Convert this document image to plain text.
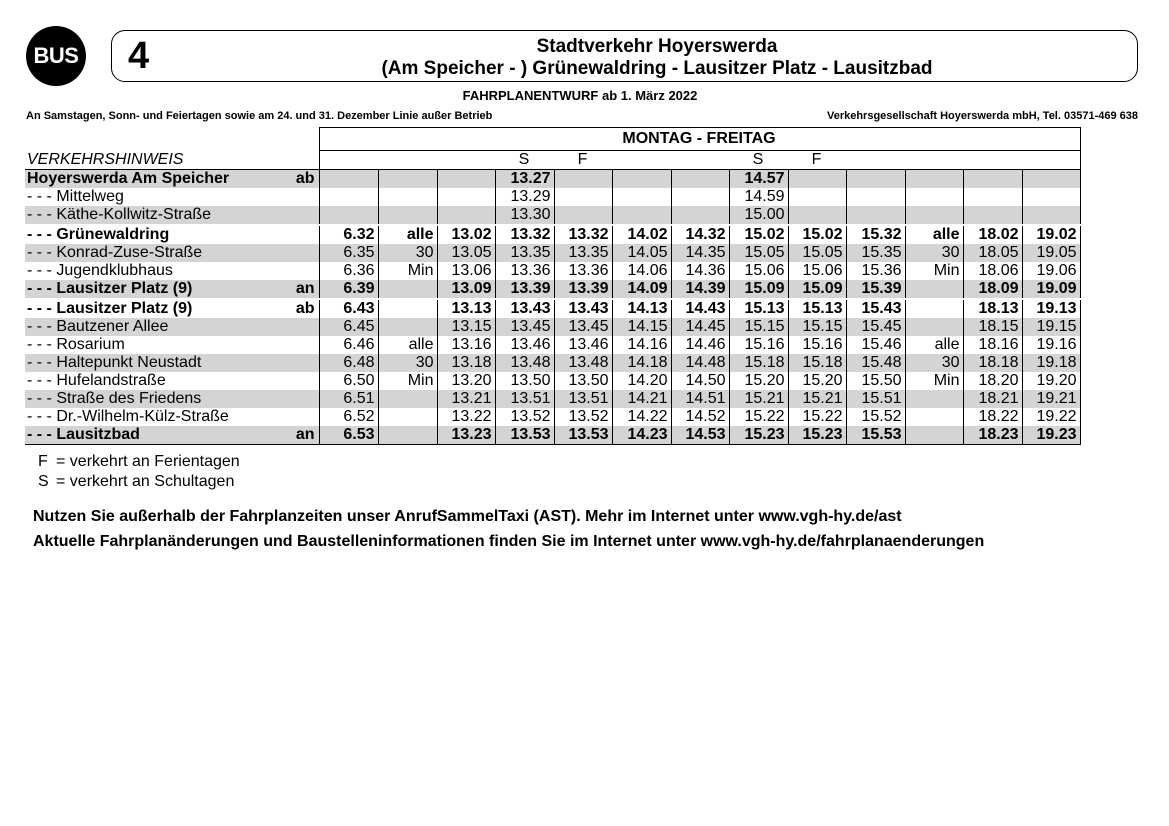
BUS 4	Stadtverkehr Hoyerswerda
(Am Speicher - ) Grünewaldring - Lausitzer Platz - Lausitzbad
FAHRPLANENTWURF ab 1. März 2022
An Samstagen, Sonn- und Feiertagen sowie am 24. und 31. Dezember Linie außer Betrieb	Verkehrsgesellschaft Hoyerswerda mbH, Tel. 03571-469 638
		MONTAG - FREITAG												
VERKEHRSHINWEIS					S	F			S	F				
Hoyerswerda Am Speicher	ab				13.27				14.57					
- - - Mittelweg					13.29				14.59					
- - - Käthe-Kollwitz-Straße					13.30				15.00					
- - - Grünewaldring		6.32	alle	13.02	13.32	13.32	14.02	14.32	15.02	15.02	15.32	alle	18.02	19.02
- - - Konrad-Zuse-Straße		6.35	30	13.05	13.35	13.35	14.05	14.35	15.05	15.05	15.35	30	18.05	19.05
- - - Jugendklubhaus		6.36	Min	13.06	13.36	13.36	14.06	14.36	15.06	15.06	15.36	Min	18.06	19.06
- - - Lausitzer Platz (9)	an	6.39		13.09	13.39	13.39	14.09	14.39	15.09	15.09	15.39		18.09	19.09
- - - Lausitzer Platz (9)	ab	6.43		13.13	13.43	13.43	14.13	14.43	15.13	15.13	15.43		18.13	19.13
- - - Bautzener Allee		6.45		13.15	13.45	13.45	14.15	14.45	15.15	15.15	15.45		18.15	19.15
- - - Rosarium		6.46	alle	13.16	13.46	13.46	14.16	14.46	15.16	15.16	15.46	alle	18.16	19.16
- - - Haltepunkt Neustadt		6.48	30	13.18	13.48	13.48	14.18	14.48	15.18	15.18	15.48	30	18.18	19.18
- - - Hufelandstraße		6.50	Min	13.20	13.50	13.50	14.20	14.50	15.20	15.20	15.50	Min	18.20	19.20
- - - Straße des Friedens		6.51		13.21	13.51	13.51	14.21	14.51	15.21	15.21	15.51		18.21	19.21
- - - Dr.-Wilhelm-Külz-Straße		6.52		13.22	13.52	13.52	14.22	14.52	15.22	15.22	15.52		18.22	19.22
- - - Lausitzbad	an	6.53		13.23	13.53	13.53	14.23	14.53	15.23	15.23	15.53		18.23	19.23
F = verkehrt an Ferientagen
S = verkehrt an Schultagen
Nutzen Sie außerhalb der Fahrplanzeiten unser AnrufSammelTaxi (AST). Mehr im Internet unter www.vgh-hy.de/ast
Aktuelle Fahrplanänderungen und Baustelleninformationen finden Sie im Internet unter www.vgh-hy.de/fahrplanaenderungen
